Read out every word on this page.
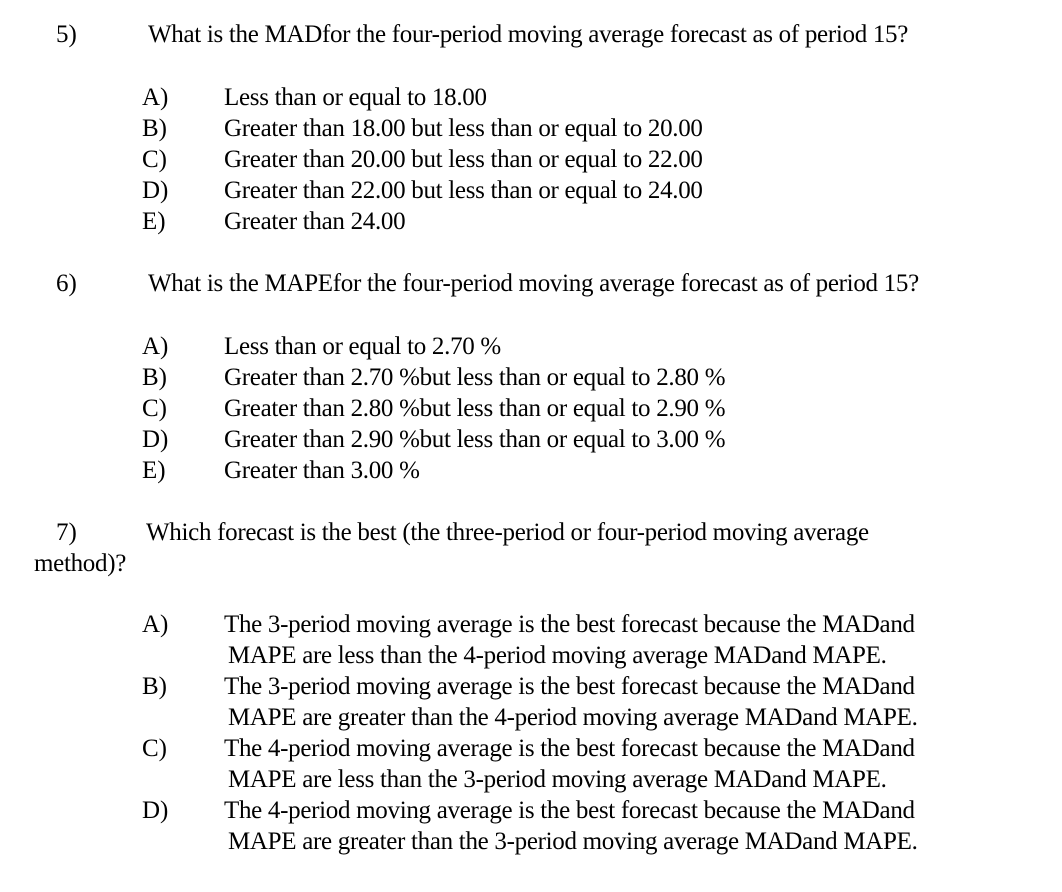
5)	What is the MADfor the four-period moving average forecast as of period 15?
A) Less than or equal to 18.00
B) Greater than 18.00 but less than or equal to 20.00
C) Greater than 20.00 but less than or equal to 22.00
D) Greater than 22.00 but less than or equal to 24.00
E) Greater than 24.00
6)	What is the MAPEfor the four-period moving average forecast as of period 15?
A) Less than or equal to 2.70 %
B) Greater than 2.70 %but less than or equal to 2.80 %
C) Greater than 2.80 %but less than or equal to 2.90 %
D) Greater than 2.90 %but less than or equal to 3.00 %
E) Greater than 3.00 %
7)	Which forecast is the best (the three-period or four-period moving average
method)?
A) The 3-period moving average is the best forecast because the MADand
MAPE are less than the 4-period moving average MADand MAPE.
B) The 3-period moving average is the best forecast because the MADand
MAPE are greater than the 4-period moving average MADand MAPE.
C) The 4-period moving average is the best forecast because the MADand
MAPE are less than the 3-period moving average MADand MAPE.
D) The 4-period moving average is the best forecast because the MADand
MAPE are greater than the 3-period moving average MADand MAPE.
